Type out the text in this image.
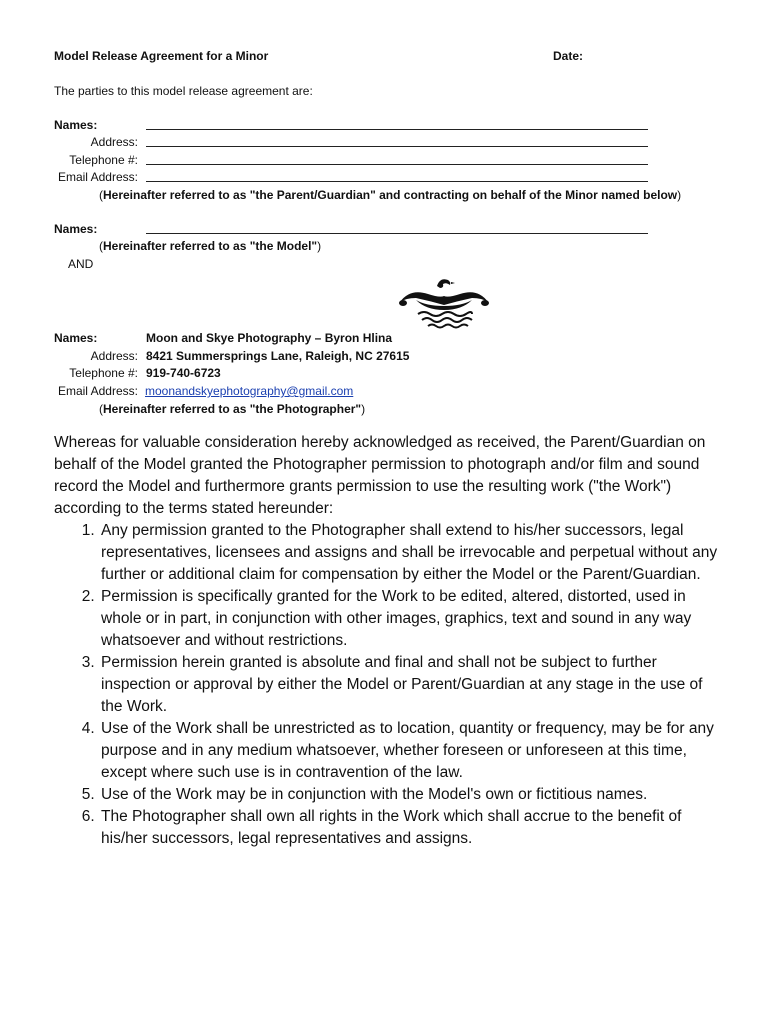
Model Release Agreement for a Minor	Date:
The parties to this model release agreement are:
Names:
Address:
Telephone #:
Email Address:
(Hereinafter referred to as "the Parent/Guardian" and contracting on behalf of the Minor named below)
Names:
(Hereinafter referred to as "the Model")
AND
Names:	Moon and Skye Photography – Byron Hlina
Address: 8421 Summersprings Lane, Raleigh, NC 27615
Telephone #: 919-740-6723
Email Address: moonandskyephotography@gmail.com
(Hereinafter referred to as "the Photographer")

Whereas for valuable consideration hereby acknowledged as received, the Parent/Guardian on behalf of the Model granted the Photographer permission to photograph and/or film and sound record the Model and furthermore grants permission to use the resulting work ("the Work") according to the terms stated hereunder:

1. Any permission granted to the Photographer shall extend to his/her successors, legal representatives, licensees and assigns and shall be irrevocable and perpetual without any further or additional claim for compensation by either the Model or the Parent/Guardian.
2. Permission is specifically granted for the Work to be edited, altered, distorted, used in whole or in part, in conjunction with other images, graphics, text and sound in any way whatsoever and without restrictions.
3. Permission herein granted is absolute and final and shall not be subject to further inspection or approval by either the Model or Parent/Guardian at any stage in the use of the Work.
4. Use of the Work shall be unrestricted as to location, quantity or frequency, may be for any purpose and in any medium whatsoever, whether foreseen or unforeseen at this time, except where such use is in contravention of the law.
5. Use of the Work may be in conjunction with the Model's own or fictitious names.
6. The Photographer shall own all rights in the Work which shall accrue to the benefit of his/her successors, legal representatives and assigns.
